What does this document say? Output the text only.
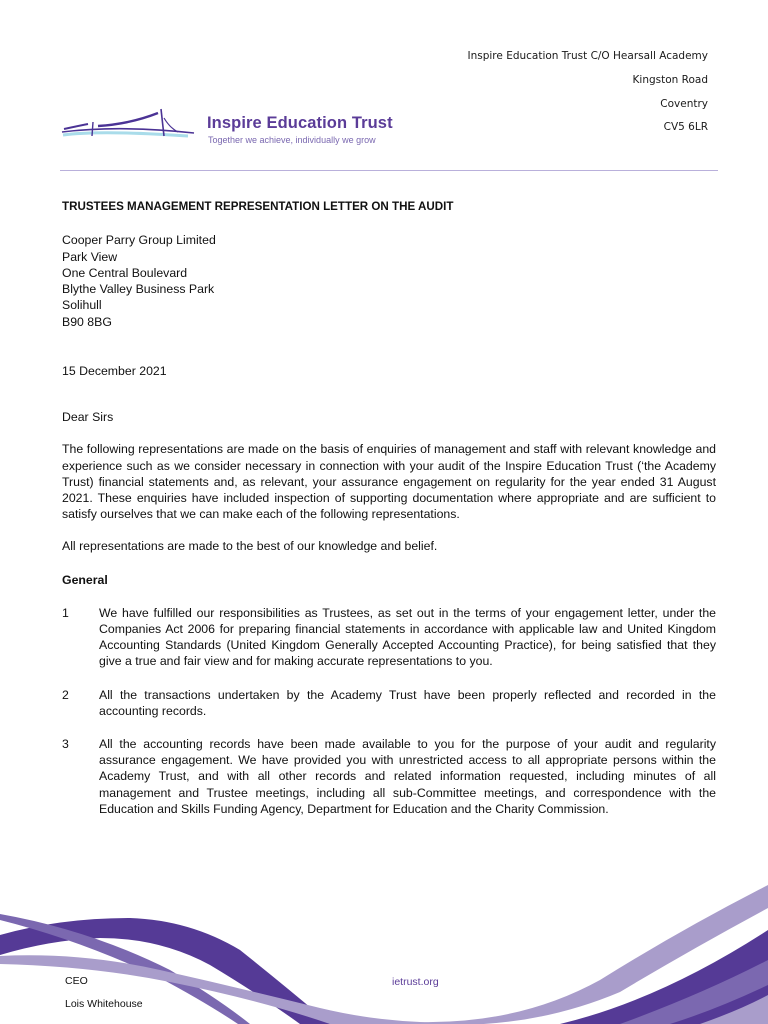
Inspire Education Trust C/O Hearsall Academy
Kingston Road
Coventry
CV5 6LR
Inspire Education Trust
Together we achieve, individually we grow
TRUSTEES MANAGEMENT REPRESENTATION LETTER ON THE AUDIT
Cooper Parry Group Limited
Park View
One Central Boulevard
Blythe Valley Business Park
Solihull
B90 8BG
15 December 2021
Dear Sirs

The following representations are made on the basis of enquiries of management and staff with relevant knowledge and experience such as we consider necessary in connection with your audit of the Inspire Education Trust (‘the Academy Trust) financial statements and, as relevant, your assurance engagement on regularity for the year ended 31 August 2021. These enquiries have included inspection of supporting documentation where appropriate and are sufficient to satisfy ourselves that we can make each of the following representations.

All representations are made to the best of our knowledge and belief.

General
1	We have fulfilled our responsibilities as Trustees, as set out in the terms of your engagement letter, under the Companies Act 2006 for preparing financial statements in accordance with applicable law and United Kingdom Accounting Standards (United Kingdom Generally Accepted Accounting Practice), for being satisfied that they give a true and fair view and for making accurate representations to you.
2	All the transactions undertaken by the Academy Trust have been properly reflected and recorded in the accounting records.
3	All the accounting records have been made available to you for the purpose of your audit and regularity assurance engagement. We have provided you with unrestricted access to all appropriate persons within the Academy Trust, and with all other records and related information requested, including minutes of all management and Trustee meetings, including all sub-Committee meetings, and correspondence with the Education and Skills Funding Agency, Department for Education and the Charity Commission.
CEO
Lois Whitehouse
ietrust.org
